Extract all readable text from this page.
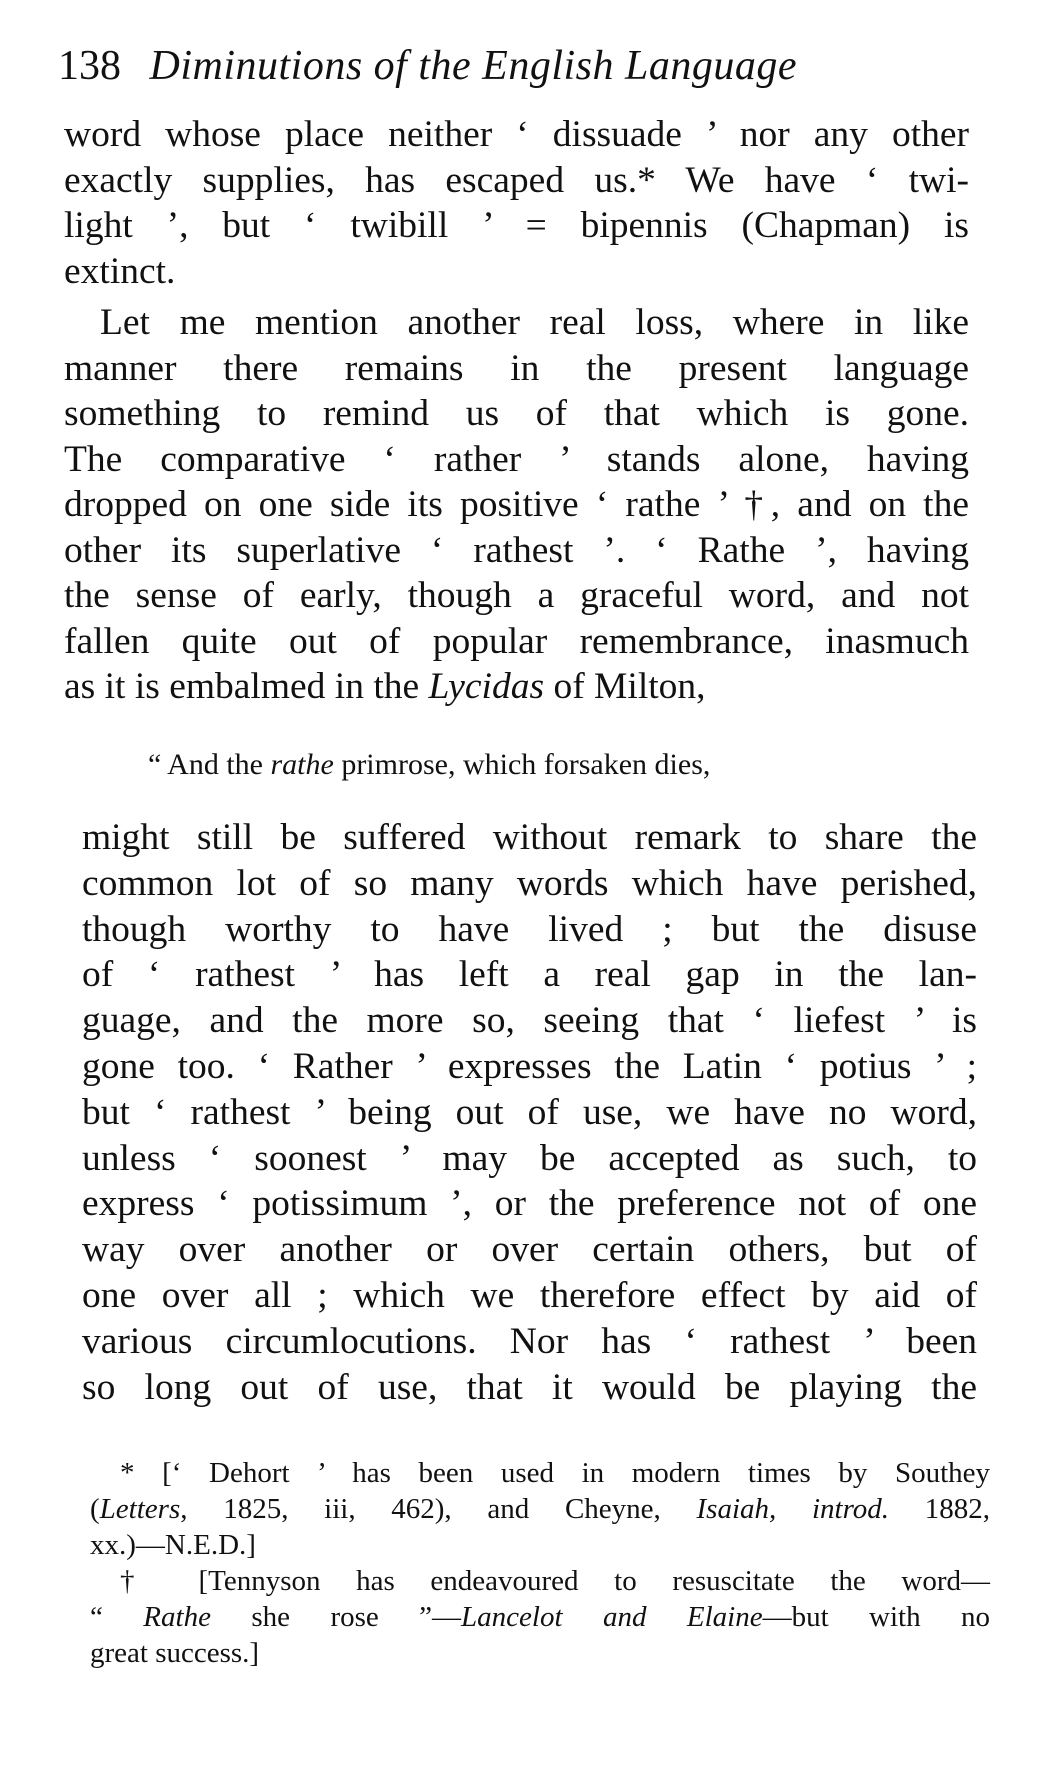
138 Diminutions of the English Language
word whose place neither ‘ dissuade ’ nor any other
exactly supplies, has escaped us.* We have ‘ twi-
light ’, but ‘ twibill ’ = bipennis (Chapman) is
extinct.
Let me mention another real loss, where in like
manner there remains in the present language
something to remind us of that which is gone.
The comparative ‘ rather ’ stands alone, having
dropped on one side its positive ‘ rathe ’ †, and on the
other its superlative ‘ rathest ’. ‘ Rathe ’, having
the sense of early, though a graceful word, and not
fallen quite out of popular remembrance, inasmuch
as it is embalmed in the Lycidas of Milton,
“ And the rathe primrose, which forsaken dies,
might still be suffered without remark to share the
common lot of so many words which have perished,
though worthy to have lived ; but the disuse
of ‘ rathest ’ has left a real gap in the lan-
guage, and the more so, seeing that ‘ liefest ’ is
gone too. ‘ Rather ’ expresses the Latin ‘ potius ’ ;
but ‘ rathest ’ being out of use, we have no word,
unless ‘ soonest ’ may be accepted as such, to
express ‘ potissimum ’, or the preference not of one
way over another or over certain others, but of
one over all ; which we therefore effect by aid of
various circumlocutions. Nor has ‘ rathest ’ been
so long out of use, that it would be playing the
* [‘ Dehort ’ has been used in modern times by Southey
(Letters, 1825, iii, 462), and Cheyne, Isaiah, introd. 1882,
xx.)—N.E.D.]
† [Tennyson has endeavoured to resuscitate the word—
“ Rathe she rose ”—Lancelot and Elaine—but with no
great success.]
